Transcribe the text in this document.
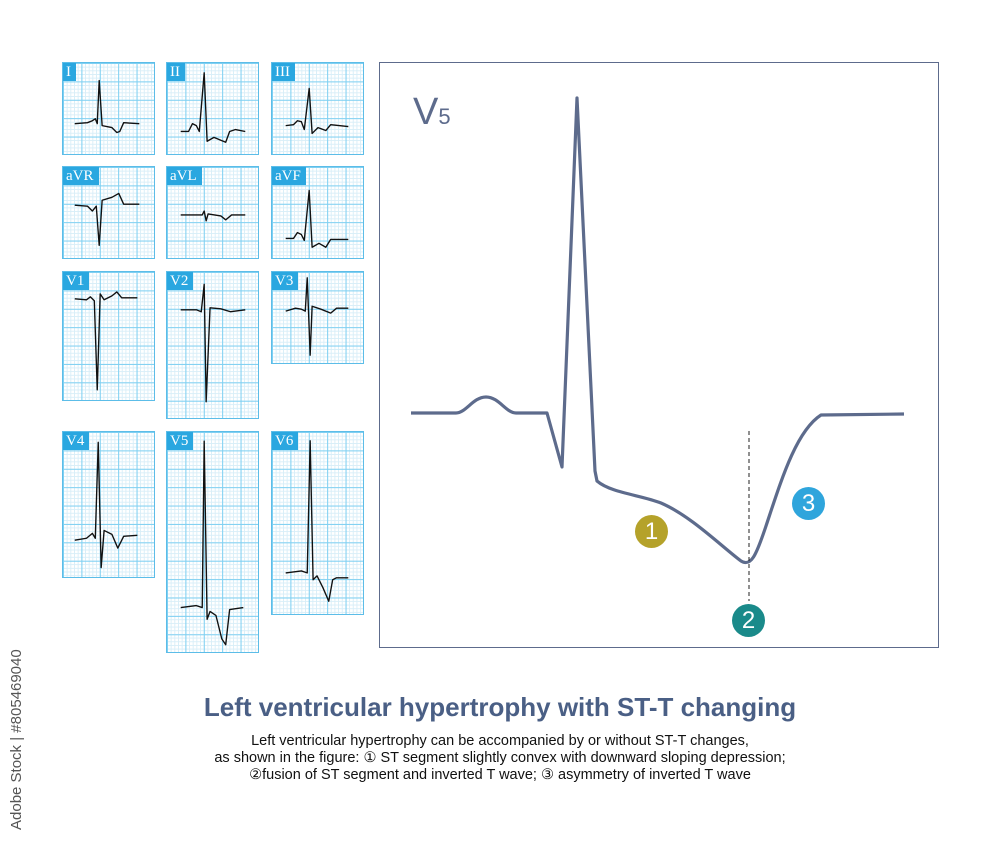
I	II	III
aVR	aVL	aVF
V1	V2	V3
V4	V5	V6
V5
1
2
3
Left ventricular hypertrophy with ST-T changing
Left ventricular hypertrophy can be accompanied by or without ST-T changes,
as shown in the figure: ① ST segment slightly convex with downward sloping depression;
②fusion of ST segment and inverted T wave; ③ asymmetry of inverted T wave
Adobe Stock | #805469040
